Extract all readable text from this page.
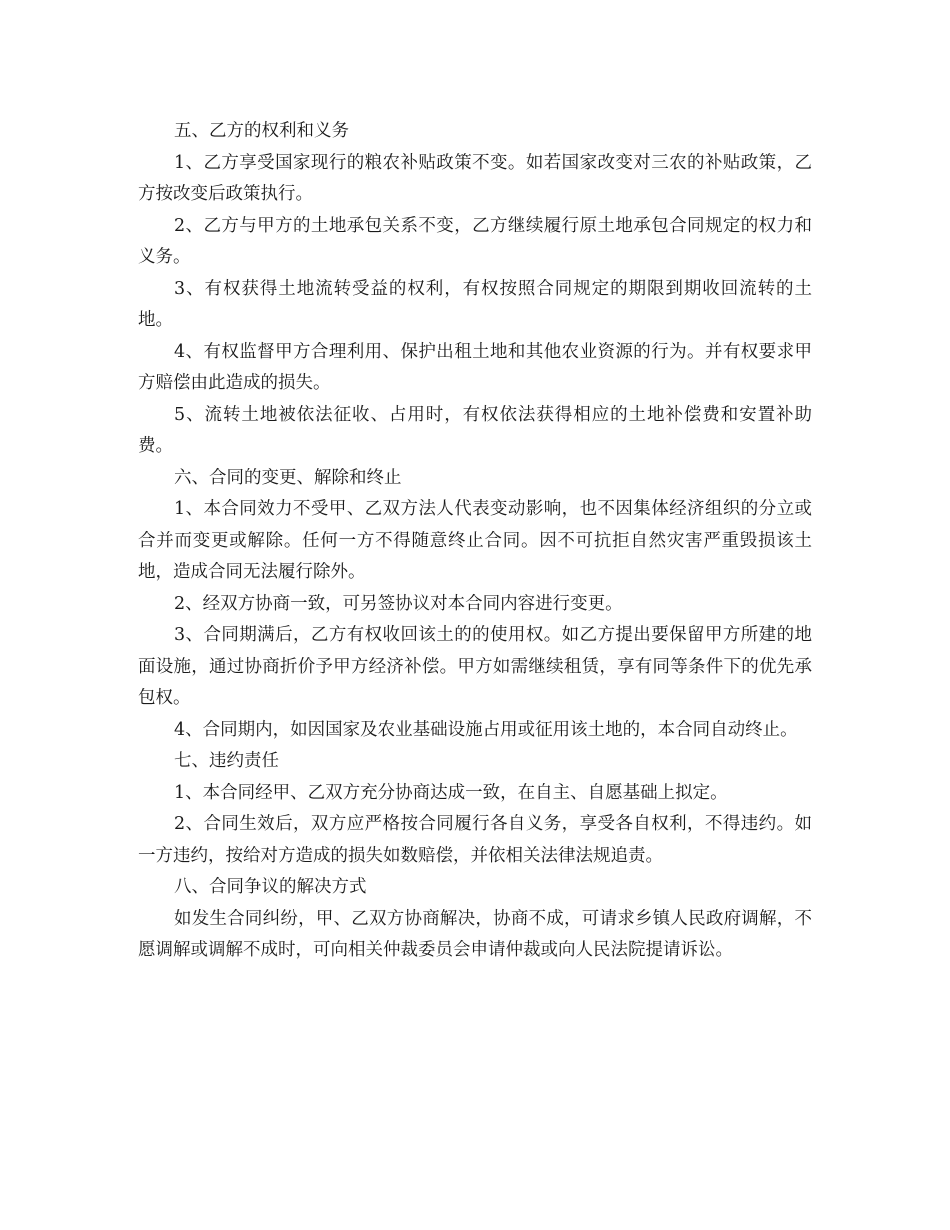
五、乙方的权利和义务

1、乙方享受国家现行的粮农补贴政策不变。如若国家改变对三农的补贴政策，乙方按改变后政策执行。

2、乙方与甲方的土地承包关系不变，乙方继续履行原土地承包合同规定的权力和义务。

3、有权获得土地流转受益的权利，有权按照合同规定的期限到期收回流转的土地。

4、有权监督甲方合理利用、保护出租土地和其他农业资源的行为。并有权要求甲方赔偿由此造成的损失。

5、流转土地被依法征收、占用时，有权依法获得相应的土地补偿费和安置补助费。

六、合同的变更、解除和终止

1、本合同效力不受甲、乙双方法人代表变动影响，也不因集体经济组织的分立或合并而变更或解除。任何一方不得随意终止合同。因不可抗拒自然灾害严重毁损该土地，造成合同无法履行除外。

2、经双方协商一致，可另签协议对本合同内容进行变更。

3、合同期满后，乙方有权收回该土的的使用权。如乙方提出要保留甲方所建的地面设施，通过协商折价予甲方经济补偿。甲方如需继续租赁，享有同等条件下的优先承包权。

4、合同期内，如因国家及农业基础设施占用或征用该土地的，本合同自动终止。

七、违约责任

1、本合同经甲、乙双方充分协商达成一致，在自主、自愿基础上拟定。

2、合同生效后，双方应严格按合同履行各自义务，享受各自权利，不得违约。如一方违约，按给对方造成的损失如数赔偿，并依相关法律法规追责。

八、合同争议的解决方式

如发生合同纠纷，甲、乙双方协商解决，协商不成，可请求乡镇人民政府调解，不愿调解或调解不成时，可向相关仲裁委员会申请仲裁或向人民法院提请诉讼。
